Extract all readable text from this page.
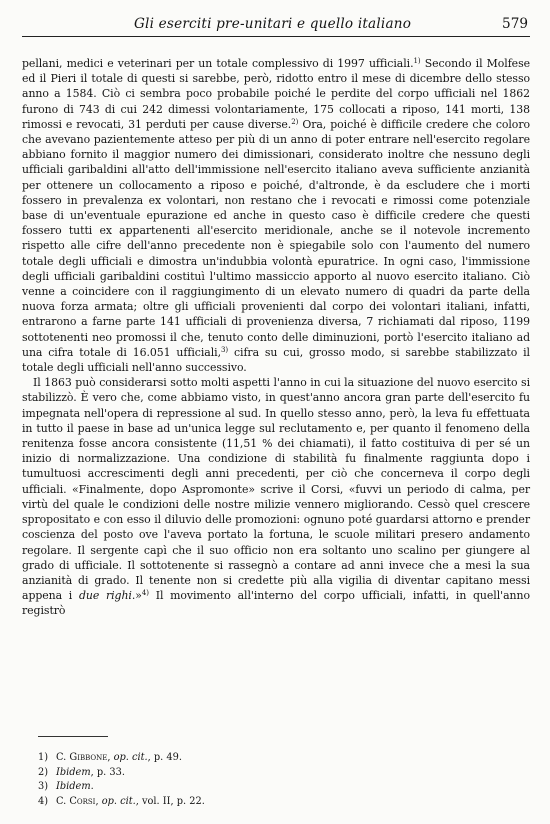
Gli eserciti pre-unitari e quello italiano	579

pellani, medici e veterinari per un totale complessivo di 1997 ufficiali.$^{1)}$ Secondo il Molfese ed il Pieri il totale di questi si sarebbe, però, ridotto entro il mese di dicembre dello stesso anno a 1584. Ciò ci sembra poco probabile poiché le perdite del corpo ufficiali nel 1862 furono di 743 di cui 242 dimessi volontariamente, 175 collocati a riposo, 141 morti, 138 rimossi e revocati, 31 perduti per cause diverse.$^{2)}$ Ora, poiché è difficile credere che coloro che avevano pazientemente atteso per più di un anno di poter entrare nell'esercito regolare abbiano fornito il maggior numero dei dimissionari, considerato inoltre che nessuno degli ufficiali garibaldini all'atto dell'immissione nell'esercito italiano aveva sufficiente anzianità per ottenere un collocamento a riposo e poiché, d'altronde, è da escludere che i morti fossero in prevalenza ex volontari, non restano che i revocati e rimossi come potenziale base di un'eventuale epurazione ed anche in questo caso è difficile credere che questi fossero tutti ex appartenenti all'esercito meridionale, anche se il notevole incremento rispetto alle cifre dell'anno precedente non è spiegabile solo con l'aumento del numero totale degli ufficiali e dimostra un'indubbia volontà epuratrice. In ogni caso, l'immissione degli ufficiali garibaldini costituì l'ultimo massiccio apporto al nuovo esercito italiano. Ciò venne a coincidere con il raggiungimento di un elevato numero di quadri da parte della nuova forza armata; oltre gli ufficiali provenienti dal corpo dei volontari italiani, infatti, entrarono a farne parte 141 ufficiali di provenienza diversa, 7 richiamati dal riposo, 1199 sottotenenti neo promossi il che, tenuto conto delle diminuzioni, portò l'esercito italiano ad una cifra totale di 16.051 ufficiali,$^{3)}$ cifra su cui, grosso modo, si sarebbe stabilizzato il totale degli ufficiali nell'anno successivo.

Il 1863 può considerarsi sotto molti aspetti l'anno in cui la situazione del nuovo esercito si stabilizzò. È vero che, come abbiamo visto, in quest'anno ancora gran parte dell'esercito fu impegnata nell'opera di repressione al sud. In quello stesso anno, però, la leva fu effettuata in tutto il paese in base ad un'unica legge sul reclutamento e, per quanto il fenomeno della renitenza fosse ancora consistente (11,51 % dei chiamati), il fatto costituiva di per sé un inizio di normalizzazione. Una condizione di stabilità fu finalmente raggiunta dopo i tumultuosi accrescimenti degli anni precedenti, per ciò che concerneva il corpo degli ufficiali. «Finalmente, dopo Aspromonte» scrive il Corsi, «fuvvi un periodo di calma, per virtù del quale le condizioni delle nostre milizie vennero migliorando. Cessò quel crescere spropositato e con esso il diluvio delle promozioni: ognuno poté guardarsi attorno e prender coscienza del posto ove l'aveva portato la fortuna, le scuole militari presero andamento regolare. Il sergente capì che il suo officio non era soltanto uno scalino per giungere al grado di ufficiale. Il sottotenente si rassegnò a contare ad anni invece che a mesi la sua anzianità di grado. Il tenente non si credette più alla vigilia di diventar capitano messi appena i due righi.»$^{4)}$ Il movimento all'interno del corpo ufficiali, infatti, in quell'anno registrò

1) C. Gibbone, op. cit., p. 49.
2) Ibidem, p. 33.
3) Ibidem.
4) C. Corsi, op. cit., vol. II, p. 22.
